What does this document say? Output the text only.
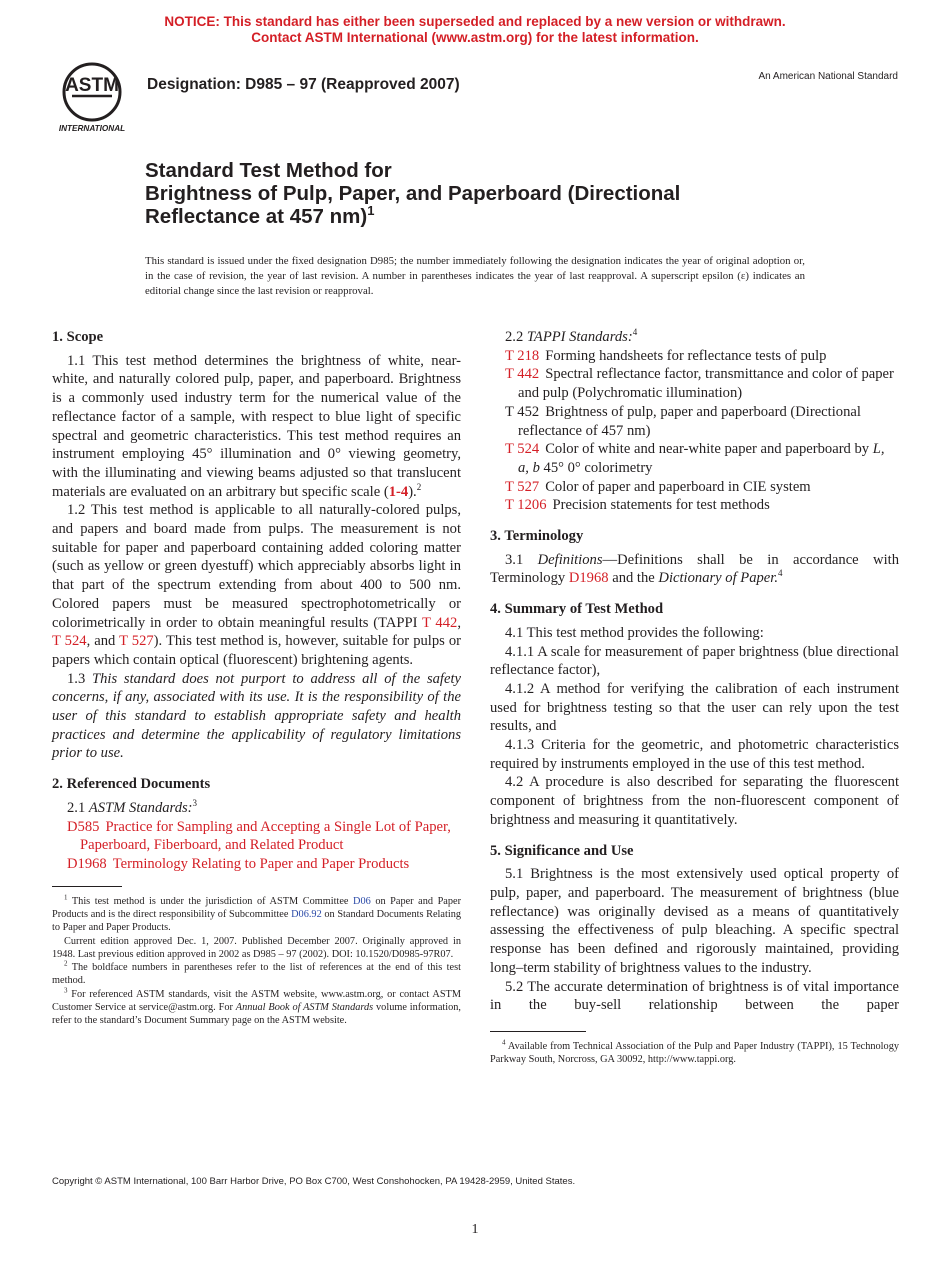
NOTICE: This standard has either been superseded and replaced by a new version or withdrawn.
Contact ASTM International (www.astm.org) for the latest information.
ASTM
INTERNATIONAL
Designation: D985 – 97 (Reapproved 2007)	An American National Standard
Standard Test Method for
Brightness of Pulp, Paper, and Paperboard (Directional
Reflectance at 457 nm)$^1$
This standard is issued under the fixed designation D985; the number immediately following the designation indicates the year of original adoption or, in the case of revision, the year of last revision. A number in parentheses indicates the year of last reapproval. A superscript epsilon (ε) indicates an editorial change since the last revision or reapproval.
1. Scope

1.1 This test method determines the brightness of white, near-white, and naturally colored pulp, paper, and paperboard. Brightness is a commonly used industry term for the numerical value of the reflectance factor of a sample, with respect to blue light of specific spectral and geometric characteristics. This test method requires an instrument employing 45° illumination and 0° viewing geometry, with the illuminating and viewing beams adjusted so that translucent materials are evaluated on an arbitrary but specific scale (1-4).$^2$

1.2 This test method is applicable to all naturally-colored pulps, and papers and board made from pulps. The measurement is not suitable for paper and paperboard containing added coloring matter (such as yellow or green dyestuff) which appreciably absorbs light in that part of the spectrum extending from about 400 to 500 nm. Colored papers must be measured spectrophotometrically or colorimetrically in order to obtain meaningful results (TAPPI T 442, T 524, and T 527). This test method is, however, suitable for pulps or papers which contain optical (fluorescent) brightening agents.

1.3 This standard does not purport to address all of the safety concerns, if any, associated with its use. It is the responsibility of the user of this standard to establish appropriate safety and health practices and determine the applicability of regulatory limitations prior to use.

2. Referenced Documents

2.1 ASTM Standards:$^3$

D585 Practice for Sampling and Accepting a Single Lot of Paper, Paperboard, Fiberboard, and Related Product

D1968 Terminology Relating to Paper and Paper Products

$^1$ This test method is under the jurisdiction of ASTM Committee D06 on Paper and Paper Products and is the direct responsibility of Subcommittee D06.92 on Standard Documents Relating to Paper and Paper Products.

Current edition approved Dec. 1, 2007. Published December 2007. Originally approved in 1948. Last previous edition approved in 2002 as D985 – 97 (2002). DOI: 10.1520/D0985-97R07.

$^2$ The boldface numbers in parentheses refer to the list of references at the end of this test method.

$^3$ For referenced ASTM standards, visit the ASTM website, www.astm.org, or contact ASTM Customer Service at service@astm.org. For Annual Book of ASTM Standards volume information, refer to the standard’s Document Summary page on the ASTM website.

2.2 TAPPI Standards:$^4$

T 218 Forming handsheets for reflectance tests of pulp

T 442 Spectral reflectance factor, transmittance and color of paper and pulp (Polychromatic illumination)

T 452 Brightness of pulp, paper and paperboard (Directional reflectance of 457 nm)

T 524 Color of white and near-white paper and paperboard by L, a, b 45° 0° colorimetry

T 527 Color of paper and paperboard in CIE system

T 1206 Precision statements for test methods

3. Terminology

3.1 Definitions—Definitions shall be in accordance with Terminology D1968 and the Dictionary of Paper.$^4$

4. Summary of Test Method

4.1 This test method provides the following:

4.1.1 A scale for measurement of paper brightness (blue directional reflectance factor),

4.1.2 A method for verifying the calibration of each instrument used for brightness testing so that the user can rely upon the test results, and

4.1.3 Criteria for the geometric, and photometric characteristics required by instruments employed in the use of this test method.

4.2 A procedure is also described for separating the fluorescent component of brightness from the non-fluorescent component of brightness and measuring it quantitatively.

5. Significance and Use

5.1 Brightness is the most extensively used optical property of pulp, paper, and paperboard. The measurement of brightness (blue reflectance) was originally devised as a means of quantitatively assessing the effectiveness of pulp bleaching. A specific spectral response has been defined and rigorously maintained, providing long–term stability of brightness values to the industry.

5.2 The accurate determination of brightness is of vital importance in the buy-sell relationship between the paper

$^4$ Available from Technical Association of the Pulp and Paper Industry (TAPPI), 15 Technology Parkway South, Norcross, GA 30092, http://www.tappi.org.

Copyright © ASTM International, 100 Barr Harbor Drive, PO Box C700, West Conshohocken, PA 19428-2959, United States.
1
